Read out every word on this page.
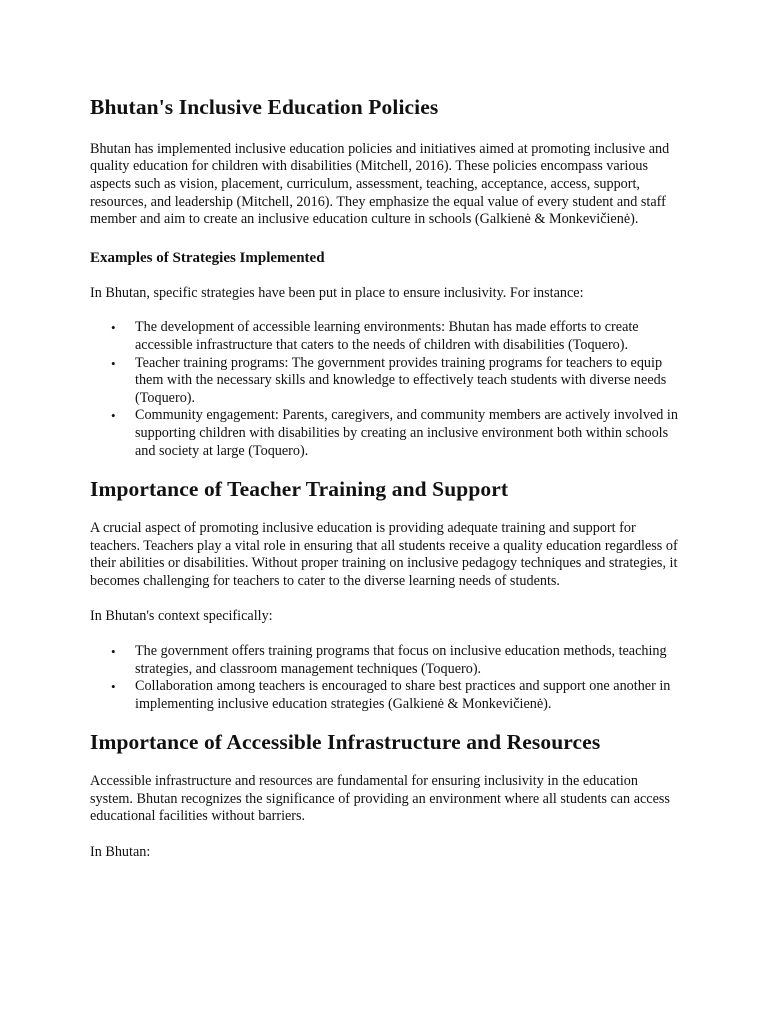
Bhutan's Inclusive Education Policies

Bhutan has implemented inclusive education policies and initiatives aimed at promoting inclusive and quality education for children with disabilities (Mitchell, 2016). These policies encompass various aspects such as vision, placement, curriculum, assessment, teaching, acceptance, access, support, resources, and leadership (Mitchell, 2016). They emphasize the equal value of every student and staff member and aim to create an inclusive education culture in schools (Galkienė & Monkevičienė).

Examples of Strategies Implemented

In Bhutan, specific strategies have been put in place to ensure inclusivity. For instance:

• The development of accessible learning environments: Bhutan has made efforts to create accessible infrastructure that caters to the needs of children with disabilities (Toquero).
• Teacher training programs: The government provides training programs for teachers to equip them with the necessary skills and knowledge to effectively teach students with diverse needs (Toquero).
• Community engagement: Parents, caregivers, and community members are actively involved in supporting children with disabilities by creating an inclusive environment both within schools and society at large (Toquero).
Importance of Teacher Training and Support

A crucial aspect of promoting inclusive education is providing adequate training and support for teachers. Teachers play a vital role in ensuring that all students receive a quality education regardless of their abilities or disabilities. Without proper training on inclusive pedagogy techniques and strategies, it becomes challenging for teachers to cater to the diverse learning needs of students.

In Bhutan's context specifically:

• The government offers training programs that focus on inclusive education methods, teaching strategies, and classroom management techniques (Toquero).
• Collaboration among teachers is encouraged to share best practices and support one another in implementing inclusive education strategies (Galkienė & Monkevičienė).
Importance of Accessible Infrastructure and Resources

Accessible infrastructure and resources are fundamental for ensuring inclusivity in the education system. Bhutan recognizes the significance of providing an environment where all students can access educational facilities without barriers.

In Bhutan:
